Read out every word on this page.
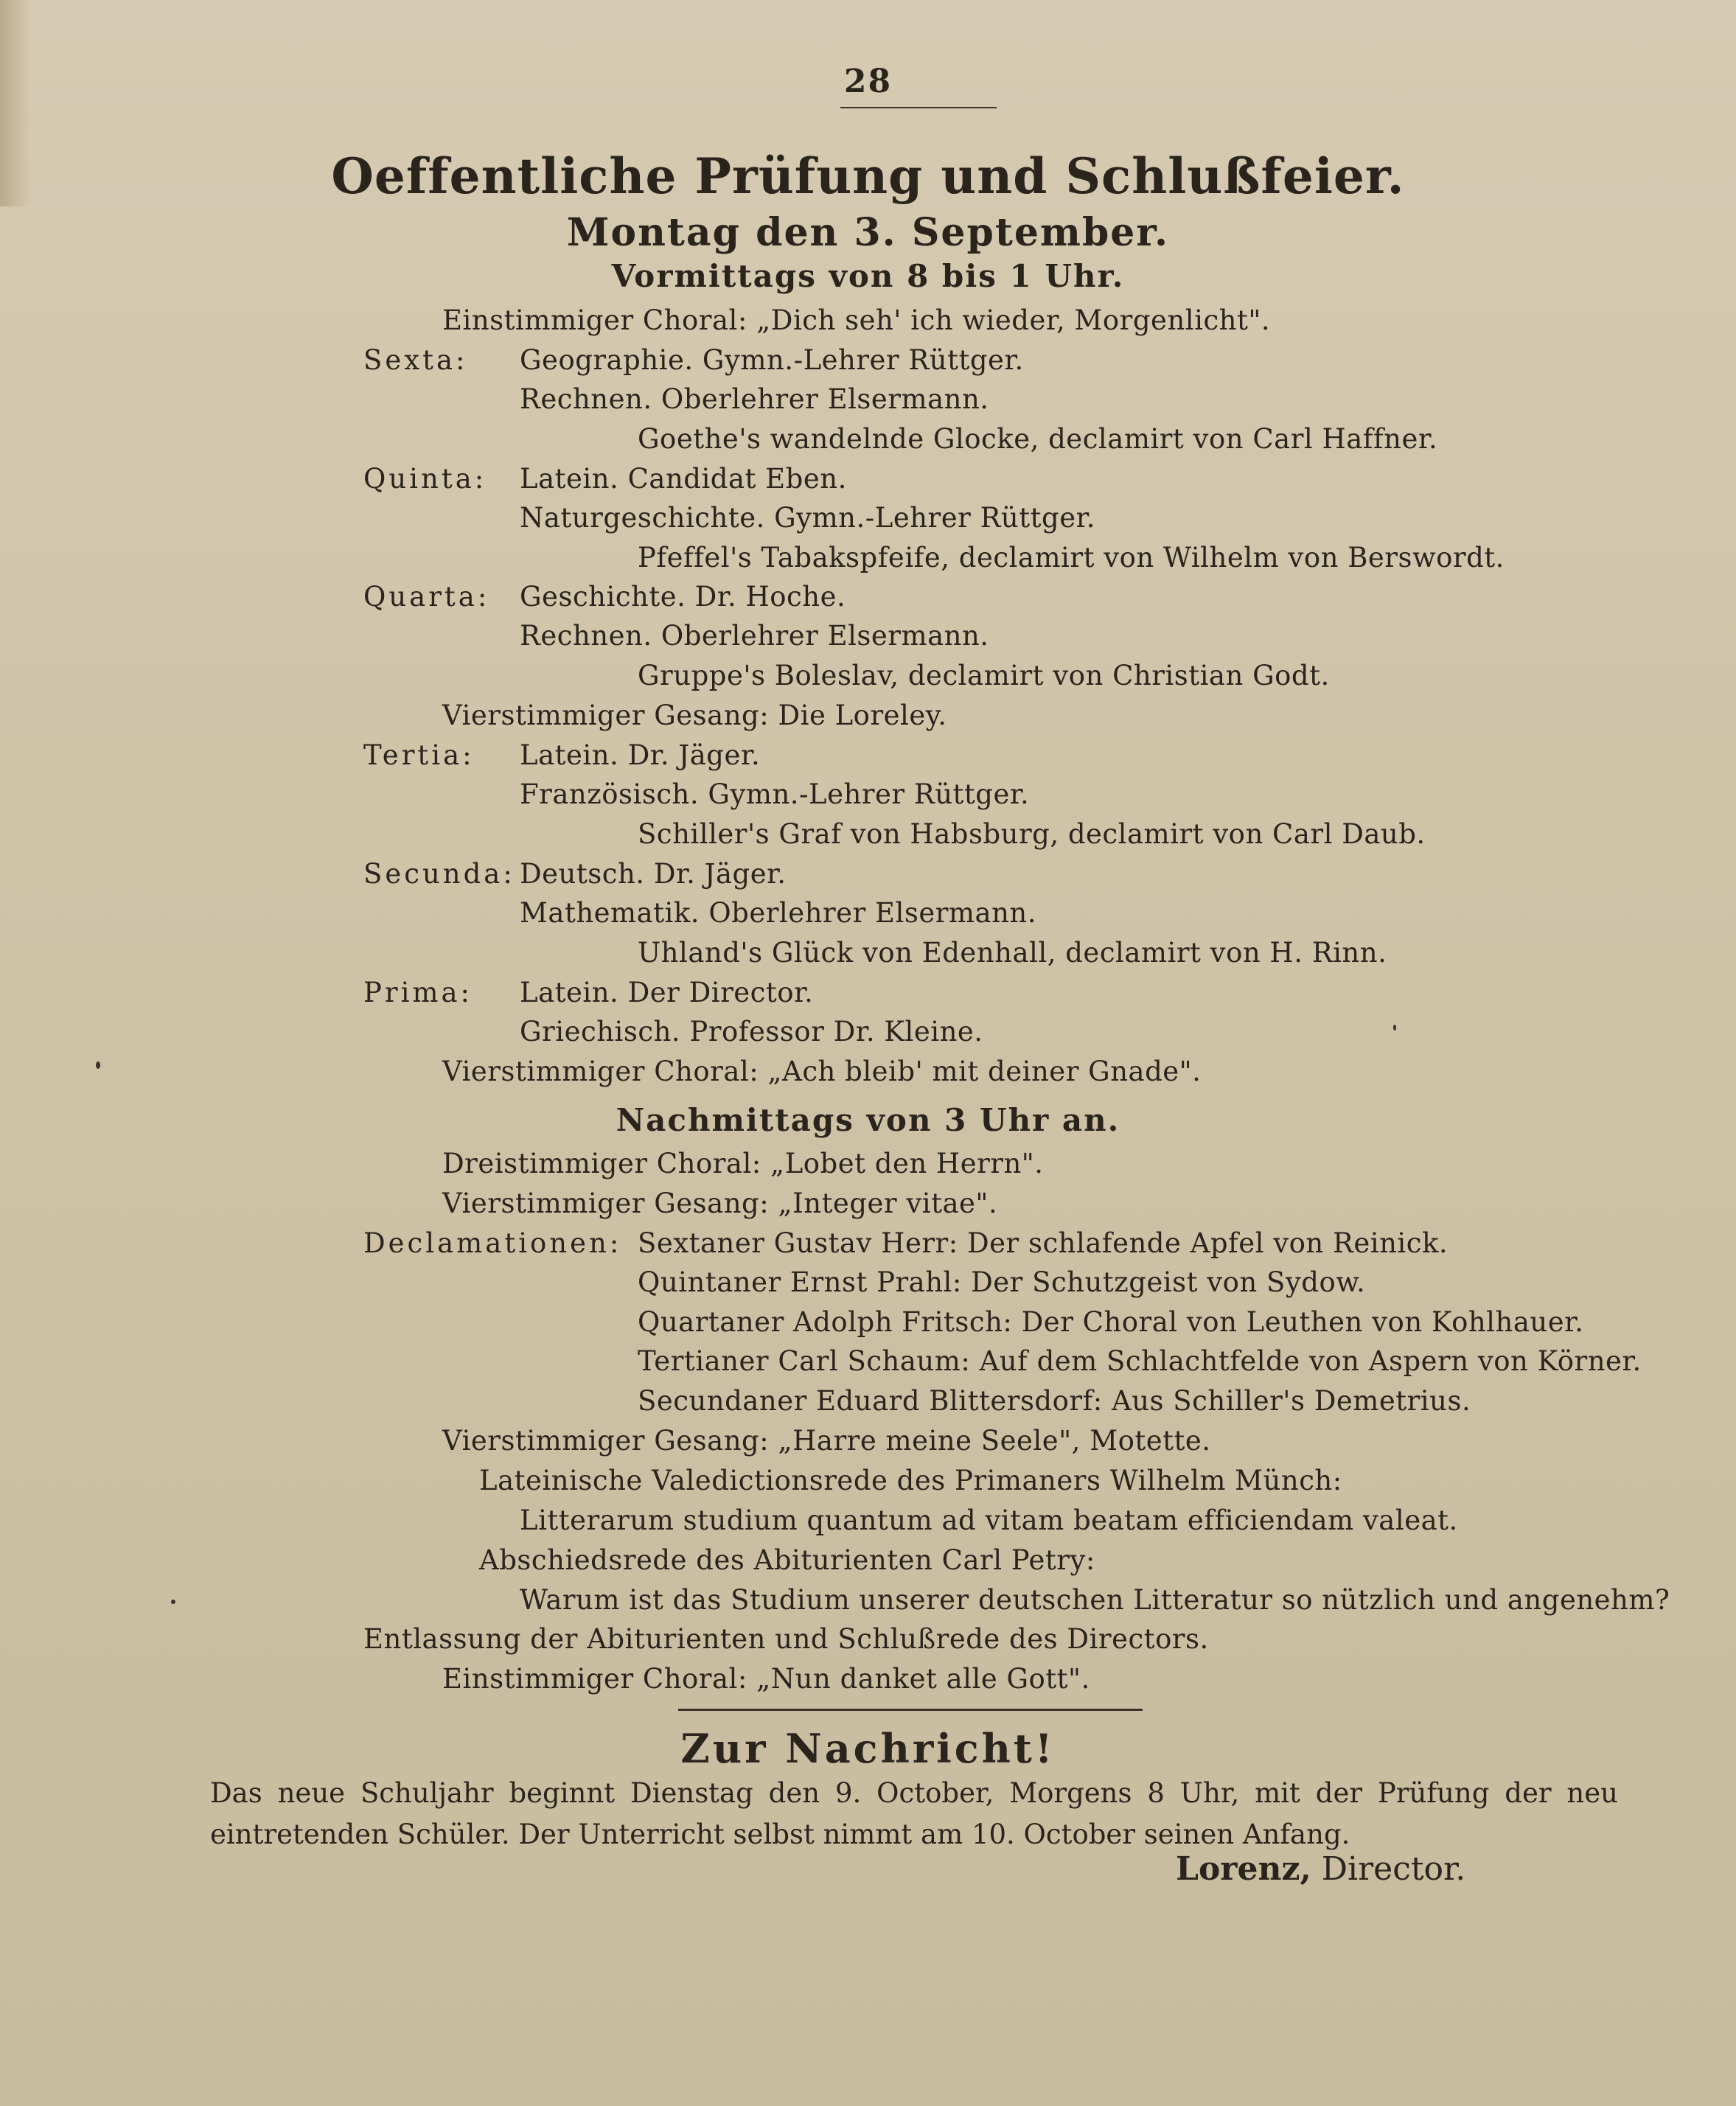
28
Oeffentliche Prüfung und Schlußfeier.
Montag den 3. September.
Vormittags von 8 bis 1 Uhr.
Einstimmiger Choral: „Dich seh' ich wieder, Morgenlicht".
Sexta: Geographie. Gymn.-Lehrer Rüttger.
Rechnen. Oberlehrer Elsermann.
Goethe's wandelnde Glocke, declamirt von Carl Haffner.
Quinta: Latein. Candidat Eben.
Naturgeschichte. Gymn.-Lehrer Rüttger.
Pfeffel's Tabakspfeife, declamirt von Wilhelm von Berswordt.
Quarta: Geschichte. Dr. Hoche.
Rechnen. Oberlehrer Elsermann.
Gruppe's Boleslav, declamirt von Christian Godt.
Vierstimmiger Gesang: Die Loreley.
Tertia: Latein. Dr. Jäger.
Französisch. Gymn.-Lehrer Rüttger.
Schiller's Graf von Habsburg, declamirt von Carl Daub.
Secunda: Deutsch. Dr. Jäger.
Mathematik. Oberlehrer Elsermann.
Uhland's Glück von Edenhall, declamirt von H. Rinn.
Prima: Latein. Der Director.
Griechisch. Professor Dr. Kleine.
Vierstimmiger Choral: „Ach bleib' mit deiner Gnade".
Nachmittags von 3 Uhr an.
Dreistimmiger Choral: „Lobet den Herrn".
Vierstimmiger Gesang: „Integer vitae".
Declamationen: Sextaner Gustav Herr: Der schlafende Apfel von Reinick.
Quintaner Ernst Prahl: Der Schutzgeist von Sydow.
Quartaner Adolph Fritsch: Der Choral von Leuthen von Kohlhauer.
Tertianer Carl Schaum: Auf dem Schlachtfelde von Aspern von Körner.
Secundaner Eduard Blittersdorf: Aus Schiller's Demetrius.
Vierstimmiger Gesang: „Harre meine Seele", Motette.
Lateinische Valedictionsrede des Primaners Wilhelm Münch:
Litterarum studium quantum ad vitam beatam efficiendam valeat.
Abschiedsrede des Abiturienten Carl Petry:
Warum ist das Studium unserer deutschen Litteratur so nützlich und angenehm?
Entlassung der Abiturienten und Schlußrede des Directors.
Einstimmiger Choral: „Nun danket alle Gott".
Zur Nachricht!
Das neue Schuljahr beginnt Dienstag den 9. October, Morgens 8 Uhr, mit der Prüfung der neu eintretenden Schüler. Der Unterricht selbst nimmt am 10. October seinen Anfang.
Lorenz, Director.
